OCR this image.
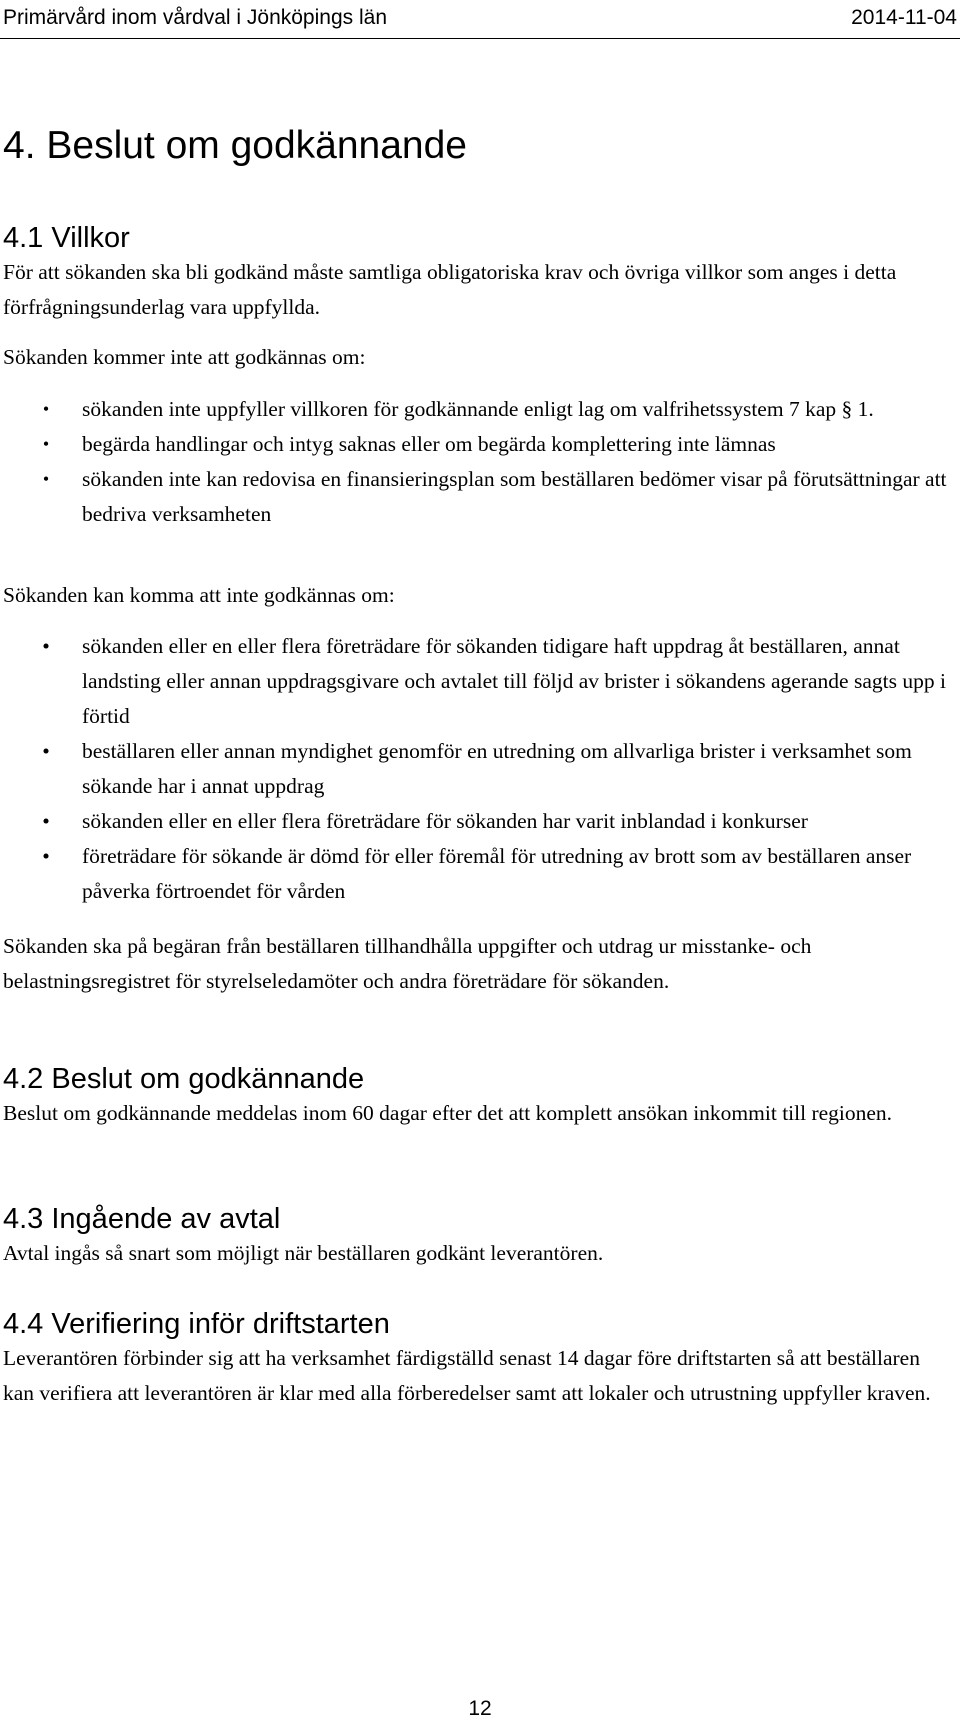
Primärvård inom vårdval i Jönköpings län	2014-11-04
4. Beslut om godkännande
4.1 Villkor

För att sökanden ska bli godkänd måste samtliga obligatoriska krav och övriga villkor som anges i detta förfrågningsunderlag vara uppfyllda.

Sökanden kommer inte att godkännas om:

• sökanden inte uppfyller villkoren för godkännande enligt lag om valfrihetssystem 7 kap § 1.
• begärda handlingar och intyg saknas eller om begärda komplettering inte lämnas
• sökanden inte kan redovisa en finansieringsplan som beställaren bedömer visar på förutsättningar att bedriva verksamheten

Sökanden kan komma att inte godkännas om:

• sökanden eller en eller flera företrädare för sökanden tidigare haft uppdrag åt beställaren, annat landsting eller annan uppdragsgivare och avtalet till följd av brister i sökandens agerande sagts upp i förtid
• beställaren eller annan myndighet genomför en utredning om allvarliga brister i verksamhet som sökande har i annat uppdrag
• sökanden eller en eller flera företrädare för sökanden har varit inblandad i konkurser
• företrädare för sökande är dömd för eller föremål för utredning av brott som av beställaren anser påverka förtroendet för vården

Sökanden ska på begäran från beställaren tillhandhålla uppgifter och utdrag ur misstanke- och belastningsregistret för styrelseledamöter och andra företrädare för sökanden.

4.2 Beslut om godkännande

Beslut om godkännande meddelas inom 60 dagar efter det att komplett ansökan inkommit till regionen.

4.3 Ingående av avtal

Avtal ingås så snart som möjligt när beställaren godkänt leverantören.

4.4 Verifiering inför driftstarten

Leverantören förbinder sig att ha verksamhet färdigställd senast 14 dagar före driftstarten så att beställaren kan verifiera att leverantören är klar med alla förberedelser samt att lokaler och utrustning uppfyller kraven.

12
